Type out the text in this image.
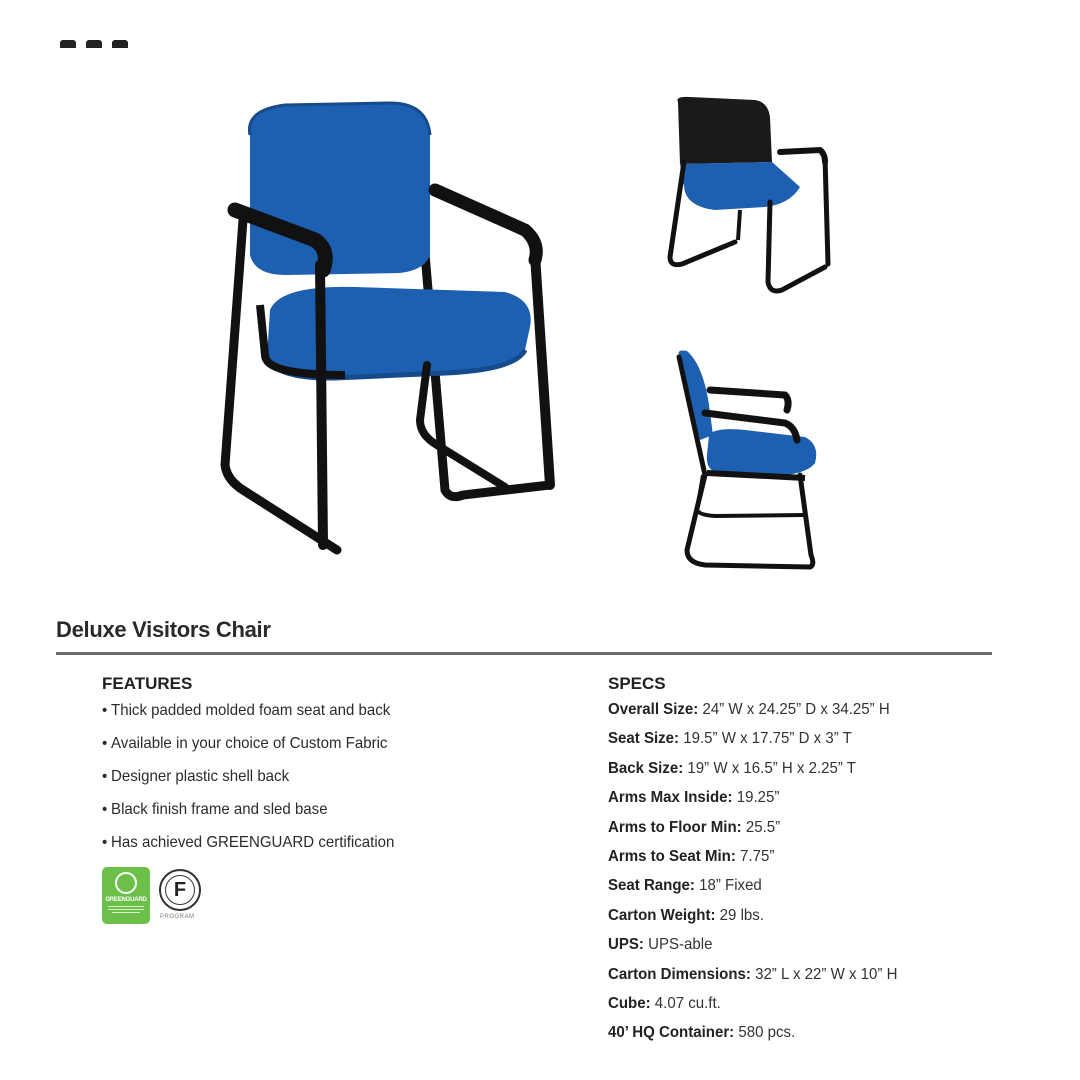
Deluxe Visitors Chair
FEATURES
• Thick padded molded foam seat and back
• Available in your choice of Custom Fabric
• Designer plastic shell back
• Black finish frame and sled base
• Has achieved GREENGUARD certification
GREENGUARD	F
PROGRAM
SPECS
Overall Size: 24” W x 24.25” D x 34.25” H
Seat Size: 19.5” W x 17.75” D x 3” T
Back Size: 19” W x 16.5” H x 2.25” T
Arms Max Inside: 19.25”
Arms to Floor Min: 25.5”
Arms to Seat Min: 7.75”
Seat Range: 18” Fixed
Carton Weight: 29 lbs.
UPS: UPS-able
Carton Dimensions: 32” L x 22” W x 10” H
Cube: 4.07 cu.ft.
40’ HQ Container: 580 pcs.
